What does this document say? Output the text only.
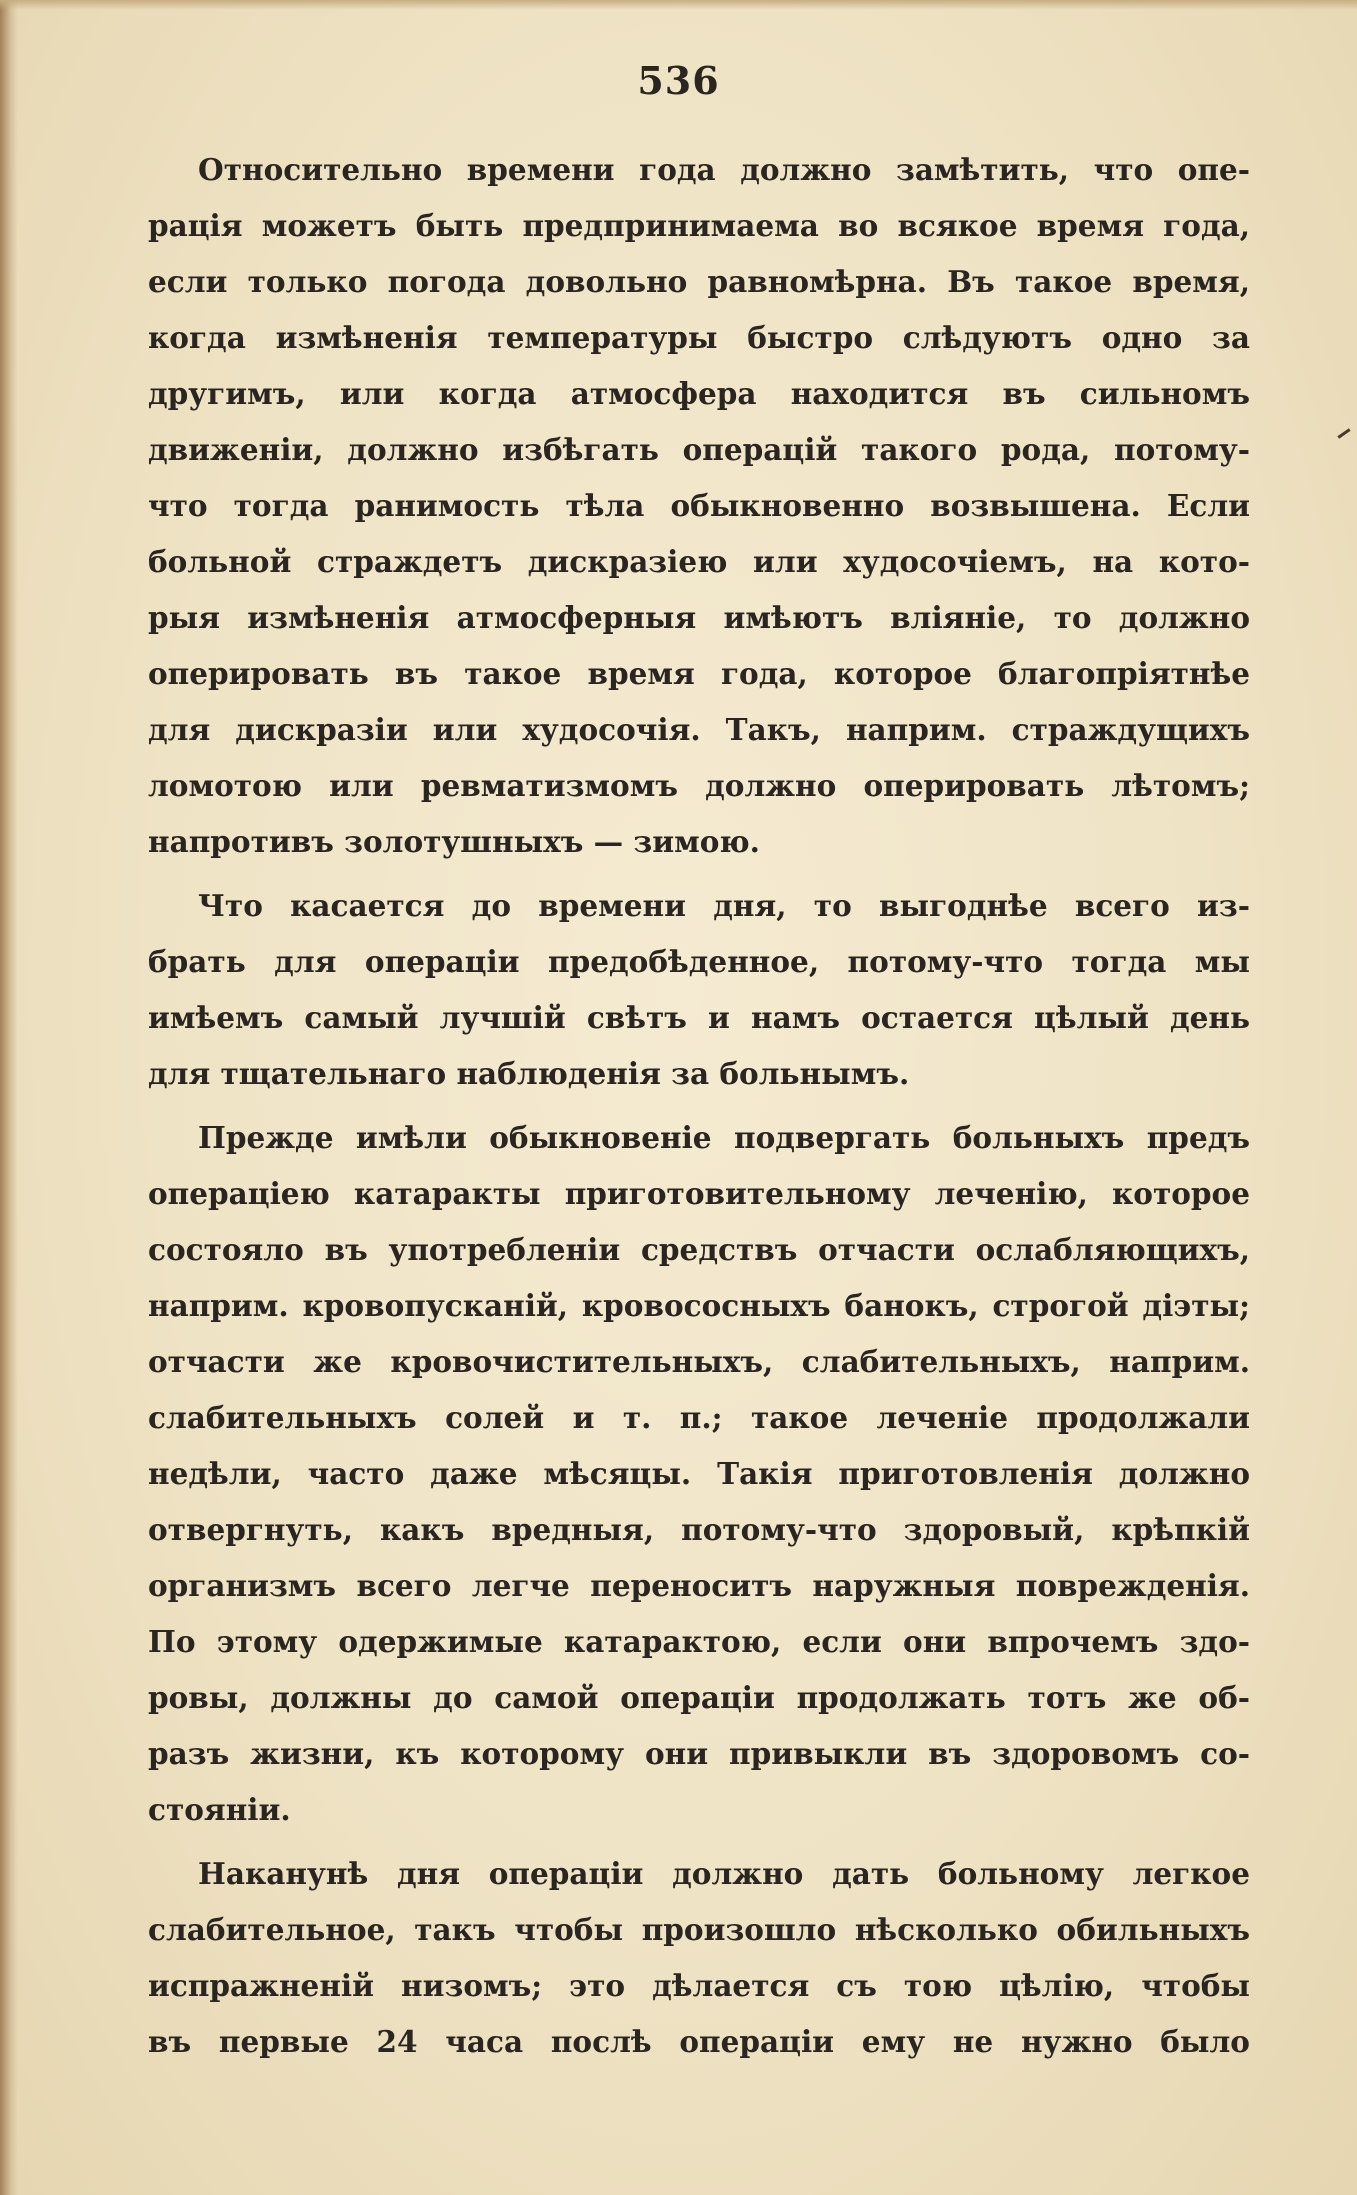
536
Относительно времени года должно замѣтить, что опе-
рація можетъ быть предпринимаема во всякое время года,
если только погода довольно равномѣрна. Въ такое время,
когда измѣненія температуры быстро слѣдуютъ одно за
другимъ, или когда атмосфера находится въ сильномъ
движеніи, должно избѣгать операцій такого рода, потому-
что тогда ранимость тѣла обыкновенно возвышена. Если
больной страждетъ дискразіею или худосочіемъ, на кото-
рыя измѣненія атмосферныя имѣютъ вліяніе, то должно
оперировать въ такое время года, которое благопріятнѣе
для дискразіи или худосочія. Такъ, наприм. страждущихъ
ломотою или ревматизмомъ должно оперировать лѣтомъ;
напротивъ золотушныхъ — зимою.
Что касается до времени дня, то выгоднѣе всего из-
брать для операціи предобѣденное, потому-что тогда мы
имѣемъ самый лучшій свѣтъ и намъ остается цѣлый день
для тщательнаго наблюденія за больнымъ.
Прежде имѣли обыкновеніе подвергать больныхъ предъ
операціею катаракты приготовительному леченію, которое
состояло въ употребленіи средствъ отчасти ослабляющихъ,
наприм. кровопусканій, кровососныхъ банокъ, строгой діэты;
отчасти же кровочистительныхъ, слабительныхъ, наприм.
слабительныхъ солей и т. п.; такое леченіе продолжали
недѣли, часто даже мѣсяцы. Такія приготовленія должно
отвергнуть, какъ вредныя, потому-что здоровый, крѣпкій
организмъ всего легче переноситъ наружныя поврежденія.
По этому одержимые катарактою, если они впрочемъ здо-
ровы, должны до самой операціи продолжать тотъ же об-
разъ жизни, къ которому они привыкли въ здоровомъ со-
стояніи.
Наканунѣ дня операціи должно дать больному легкое
слабительное, такъ чтобы произошло нѣсколько обильныхъ
испражненій низомъ; это дѣлается съ тою цѣлію, чтобы
въ первые 24 часа послѣ операціи ему не нужно было
